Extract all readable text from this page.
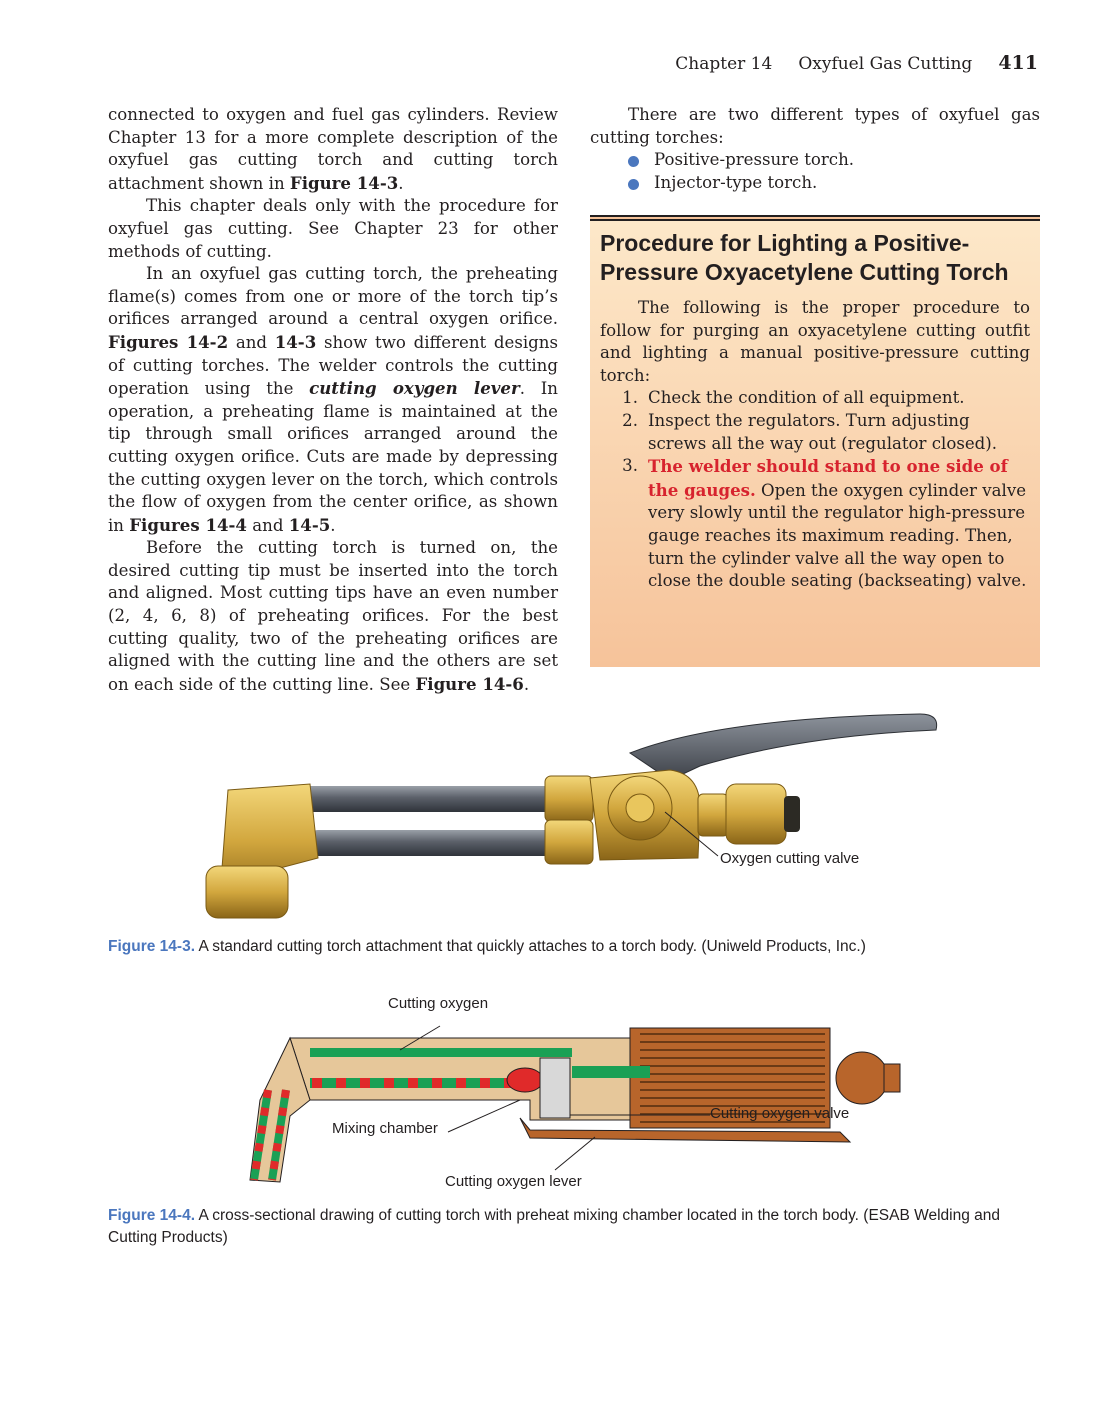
Chapter 14 Oxyfuel Gas Cutting 411

connected to oxygen and fuel gas cylinders. Review Chapter 13 for a more complete description of the oxyfuel gas cutting torch and cutting torch attachment shown in Figure 14-3.

This chapter deals only with the procedure for oxyfuel gas cutting. See Chapter 23 for other methods of cutting.

In an oxyfuel gas cutting torch, the preheating flame(s) comes from one or more of the torch tip’s orifices arranged around a central oxygen orifice. Figures 14-2 and 14-3 show two different designs of cutting torches. The welder controls the cutting operation using the cutting oxygen lever. In operation, a preheating flame is maintained at the tip through small orifices arranged around the cutting oxygen orifice. Cuts are made by depressing the cutting oxygen lever on the torch, which controls the flow of oxygen from the center orifice, as shown in Figures 14-4 and 14-5.

Before the cutting torch is turned on, the desired cutting tip must be inserted into the torch and aligned. Most cutting tips have an even number (2, 4, 6, 8) of preheating orifices. For the best cutting quality, two of the preheating orifices are aligned with the cutting line and the others are set on each side of the cutting line. See Figure 14-6.

There are two different types of oxyfuel gas cutting torches:

Positive-pressure torch.
Injector-type torch.
Procedure for Lighting a Positive-Pressure Oxyacetylene Cutting Torch

The following is the proper procedure to follow for purging an oxyacetylene cutting outfit and lighting a manual positive-pressure cutting torch:

1. Check the condition of all equipment.
2. Inspect the regulators. Turn adjusting screws all the way out (regulator closed).
3. The welder should stand to one side of the gauges. Open the oxygen cylinder valve very slowly until the regulator high-pressure gauge reaches its maximum reading. Then, turn the cylinder valve all the way open to close the double seating (backseating) valve.
Oxygen cutting valve
Figure 14-3. A standard cutting torch attachment that quickly attaches to a torch body. (Uniweld Products, Inc.)
Cutting oxygen
Cutting oxygen valve
Mixing chamber
Cutting oxygen lever
Figure 14-4. A cross-sectional drawing of cutting torch with preheat mixing chamber located in the torch body. (ESAB Welding and Cutting Products)
